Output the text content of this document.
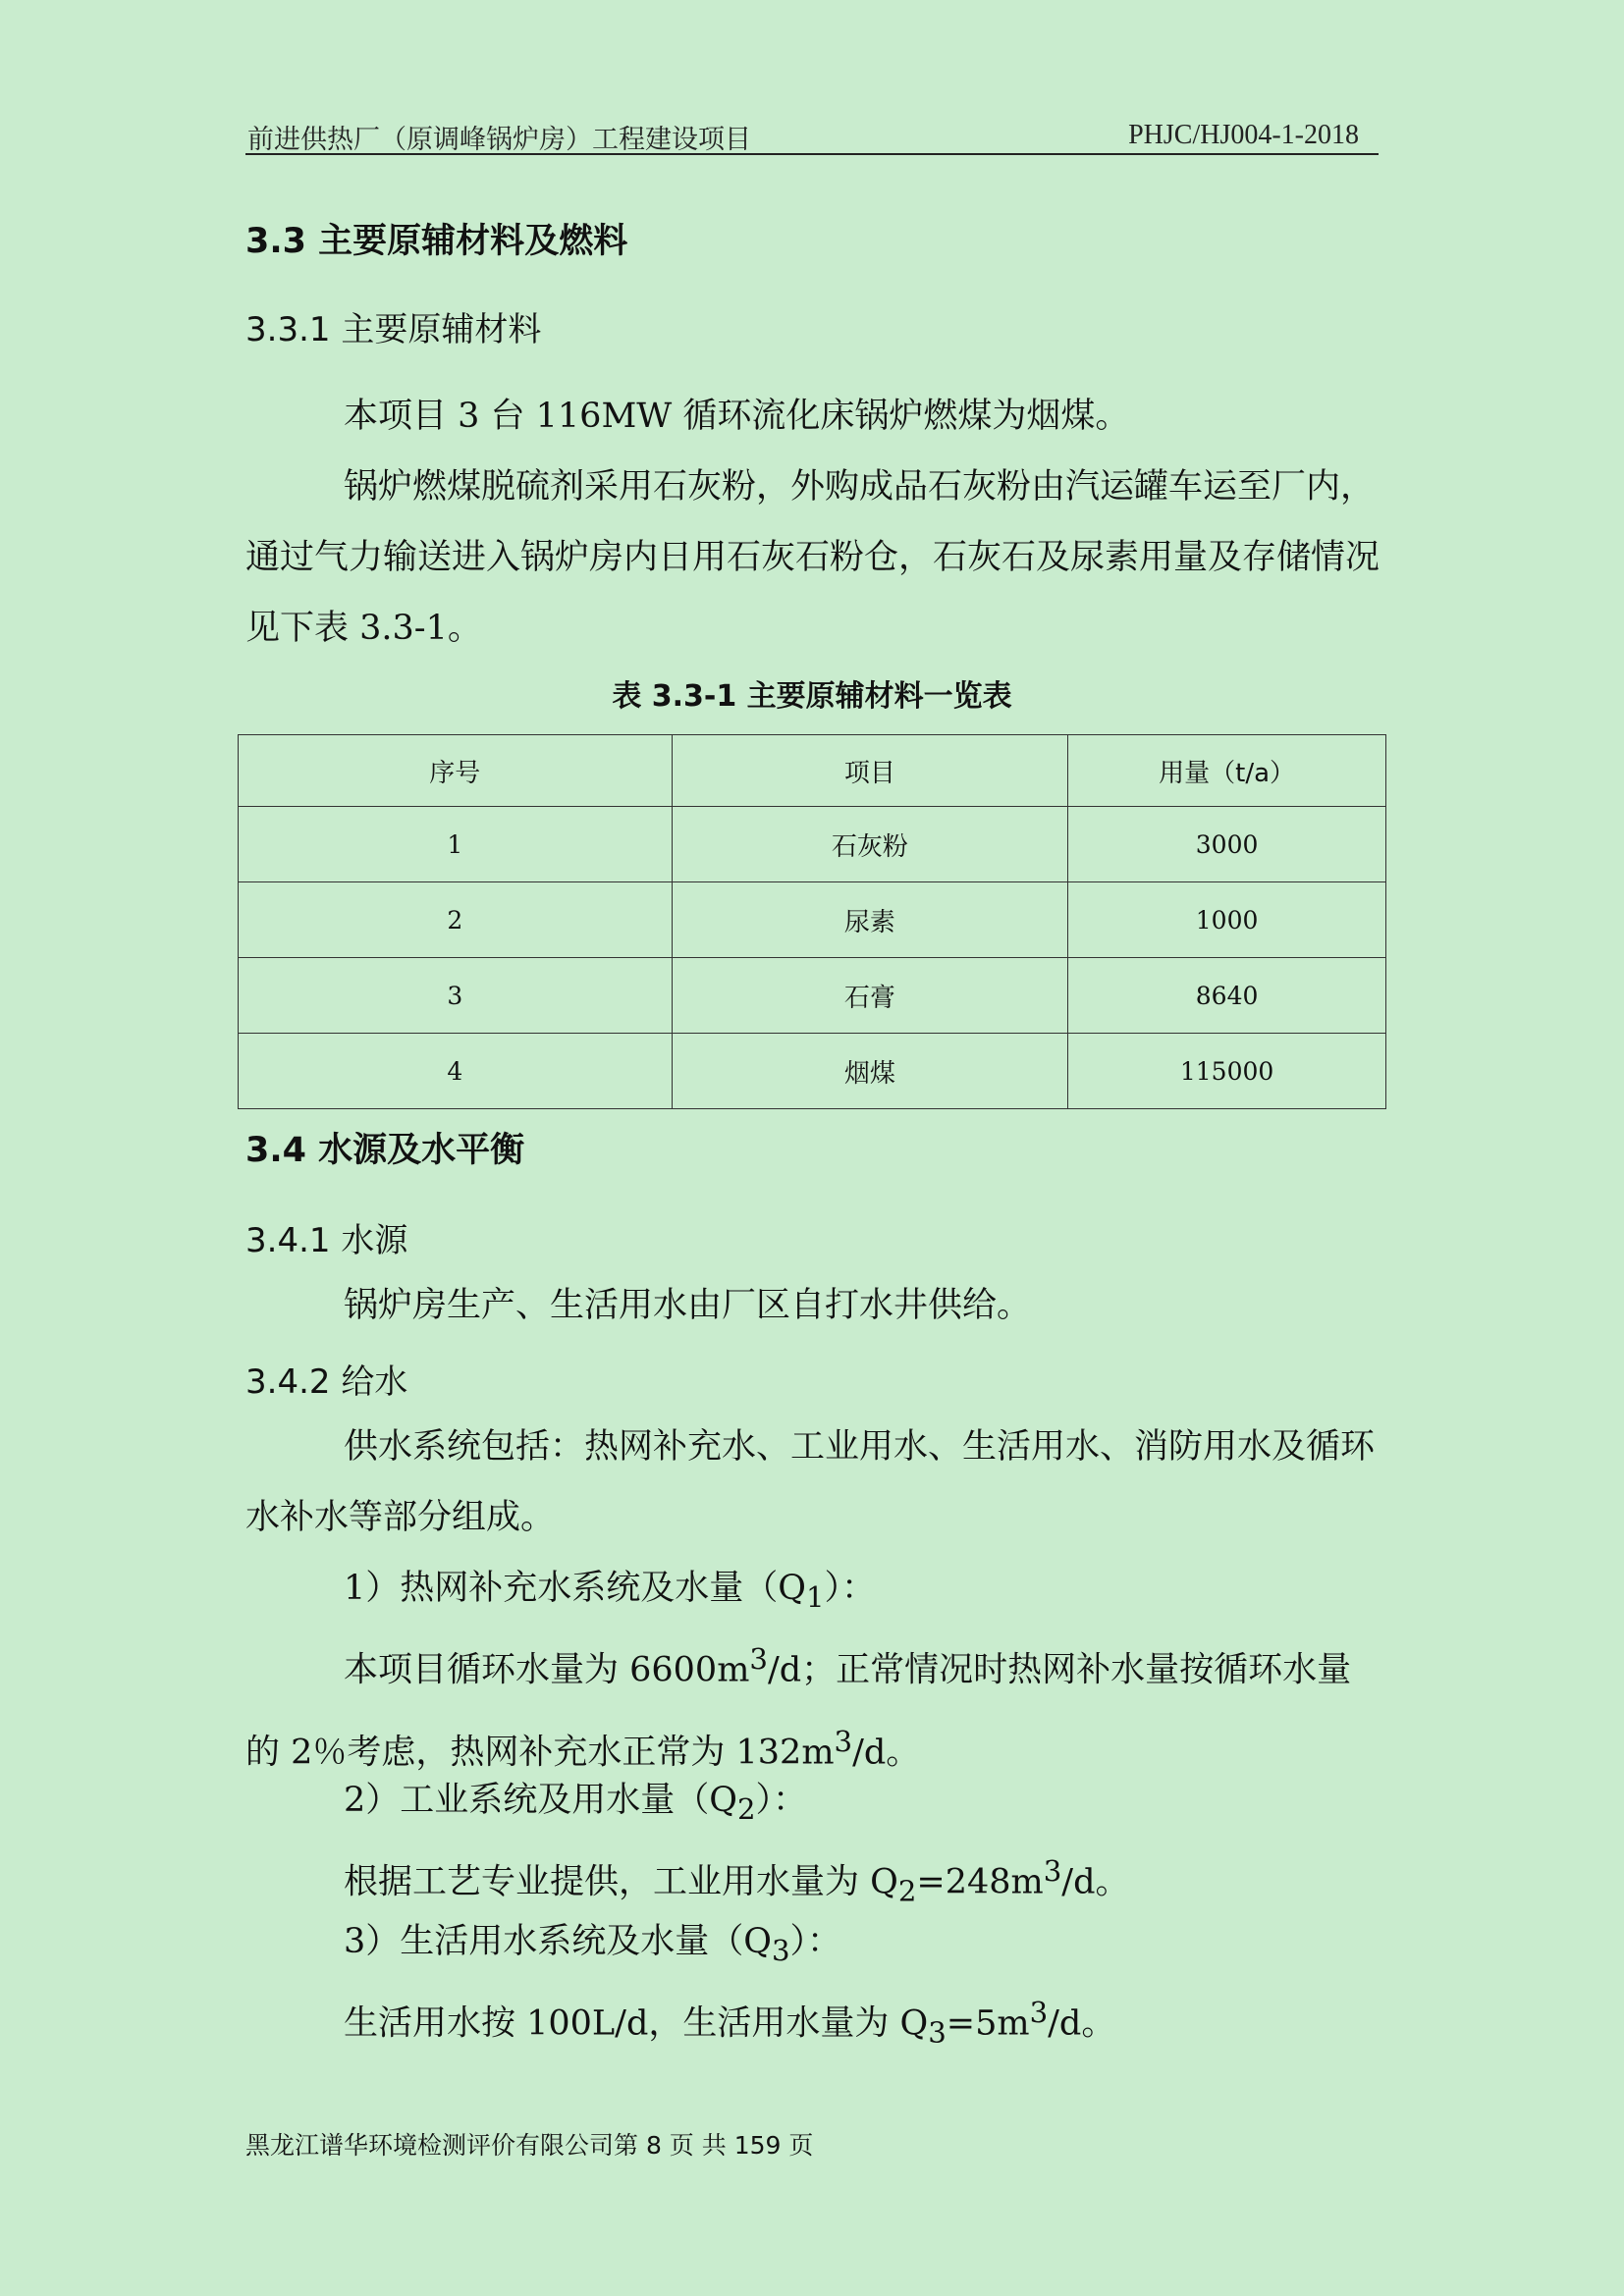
前进供热厂（原调峰锅炉房）工程建设项目	PHJC/HJ004-1-2018
3.3 主要原辅材料及燃料
3.3.1 主要原辅材料

本项目 3 台 116MW 循环流化床锅炉燃煤为烟煤。

锅炉燃煤脱硫剂采用石灰粉，外购成品石灰粉由汽运罐车运至厂内，通过气力输送进入锅炉房内日用石灰石粉仓，石灰石及尿素用量及存储情况见下表 3.3-1。

表 3.3-1 主要原辅材料一览表
序号	项目	用量（t/a）
1	石灰粉	3000
2	尿素	1000
3	石膏	8640
4	烟煤	115000
3.4 水源及水平衡
3.4.1 水源

锅炉房生产、生活用水由厂区自打水井供给。

3.4.2 给水

供水系统包括：热网补充水、工业用水、生活用水、消防用水及循环水补水等部分组成。

1）热网补充水系统及水量$(Q_1)$：

本项目循环水量为 $6600m^3/d$；正常情况时热网补水量按循环水量的 2％考虑，热网补充水正常为 $132m^3/d$。

2）工业系统及用水量$(Q_2)$：

根据工艺专业提供，工业用水量为 $Q_2=248m^3/d$。

3）生活用水系统及水量$(Q_3)$：

生活用水按 100L/d，生活用水量为 $Q_3=5m^3/d$。

黑龙江谱华环境检测评价有限公司第 8 页 共 159 页
